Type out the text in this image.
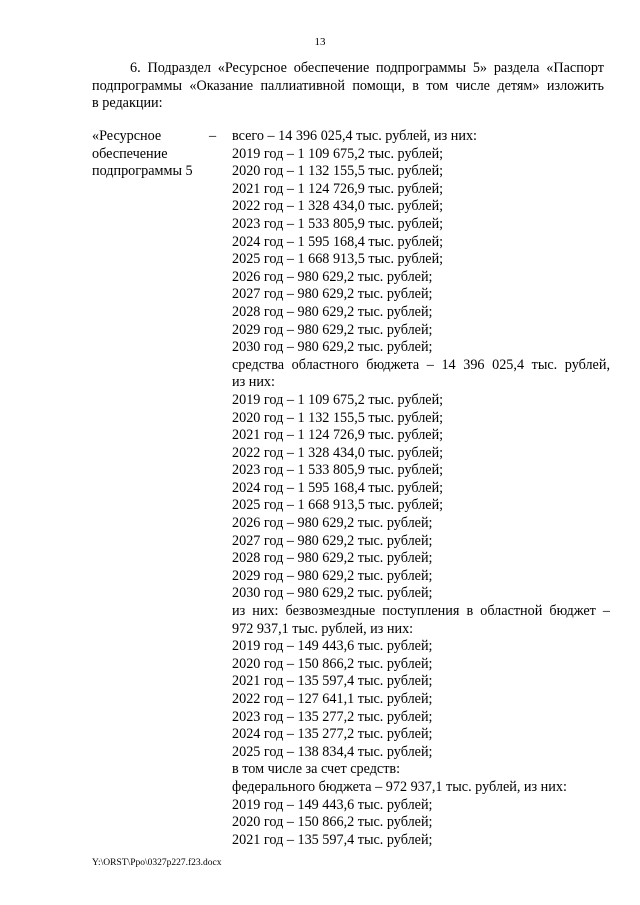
13
6. Подраздел «Ресурсное обеспечение подпрограммы 5» раздела «Паспорт
подпрограммы «Оказание паллиативной помощи, в том числе детям» изложить
в редакции:
«Ресурсное
обеспечение
подпрограммы 5
– всего – 14 396 025,4 тыс. рублей, из них:
2019 год – 1 109 675,2 тыс. рублей;
2020 год – 1 132 155,5 тыс. рублей;
2021 год – 1 124 726,9 тыс. рублей;
2022 год – 1 328 434,0 тыс. рублей;
2023 год – 1 533 805,9 тыс. рублей;
2024 год – 1 595 168,4 тыс. рублей;
2025 год – 1 668 913,5 тыс. рублей;
2026 год – 980 629,2 тыс. рублей;
2027 год – 980 629,2 тыс. рублей;
2028 год – 980 629,2 тыс. рублей;
2029 год – 980 629,2 тыс. рублей;
2030 год – 980 629,2 тыс. рублей;
средства областного бюджета – 14 396 025,4 тыс. рублей,
из них:
2019 год – 1 109 675,2 тыс. рублей;
2020 год – 1 132 155,5 тыс. рублей;
2021 год – 1 124 726,9 тыс. рублей;
2022 год – 1 328 434,0 тыс. рублей;
2023 год – 1 533 805,9 тыс. рублей;
2024 год – 1 595 168,4 тыс. рублей;
2025 год – 1 668 913,5 тыс. рублей;
2026 год – 980 629,2 тыс. рублей;
2027 год – 980 629,2 тыс. рублей;
2028 год – 980 629,2 тыс. рублей;
2029 год – 980 629,2 тыс. рублей;
2030 год – 980 629,2 тыс. рублей;
из них: безвозмездные поступления в областной бюджет –
972 937,1 тыс. рублей, из них:
2019 год – 149 443,6 тыс. рублей;
2020 год – 150 866,2 тыс. рублей;
2021 год – 135 597,4 тыс. рублей;
2022 год – 127 641,1 тыс. рублей;
2023 год – 135 277,2 тыс. рублей;
2024 год – 135 277,2 тыс. рублей;
2025 год – 138 834,4 тыс. рублей;
в том числе за счет средств:
федерального бюджета – 972 937,1 тыс. рублей, из них:
2019 год – 149 443,6 тыс. рублей;
2020 год – 150 866,2 тыс. рублей;
2021 год – 135 597,4 тыс. рублей;
Y:\ORST\Ppo\0327p227.f23.docx
